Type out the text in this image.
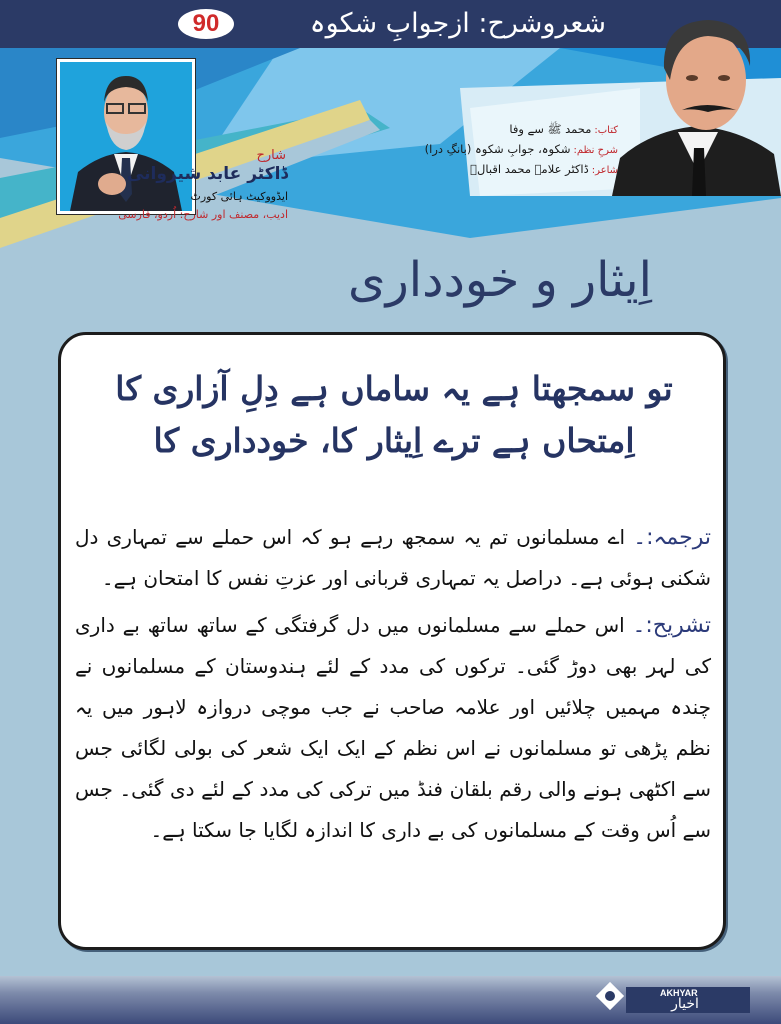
شعروشرح: ازجوابِ شکوہ
90
شارح
ڈاکٹر عابد شیروانی
ایڈووکیٹ ہائی کورٹ
ادیب، مصنف اور شارح: اُردو، فارسی
کتاب:محمد ﷺ سے وفا
شرحِ نظم:شکوہ، جوابِ شکوہ (بانگِ درا)
شاعر:ڈاکٹر علامہ محمد اقبالؒ
اِیثار و خودداری
تو سمجھتا ہے یہ ساماں ہے دِلِ آزاری کا
اِمتحاں ہے ترے اِیثار کا، خودداری کا

ترجمہ:۔ اے مسلمانوں تم یہ سمجھ رہے ہو کہ اس حملے سے تمہاری دل شکنی ہوئی ہے۔ دراصل یہ تمہاری قربانی اور عزتِ نفس کا امتحان ہے۔

تشریح:۔ اس حملے سے مسلمانوں میں دل گرفتگی کے ساتھ ساتھ بے داری کی لہر بھی دوڑ گئی۔ ترکوں کی مدد کے لئے ہندوستان کے مسلمانوں نے چندہ مہمیں چلائیں اور علامہ صاحب نے جب موچی دروازہ لاہور میں یہ نظم پڑھی تو مسلمانوں نے اس نظم کے ایک ایک شعر کی بولی لگائی جس سے اکٹھی ہونے والی رقم بلقان فنڈ میں ترکی کی مدد کے لئے دی گئی۔ جس سے اُس وقت کے مسلمانوں کی بے داری کا اندازہ لگایا جا سکتا ہے۔

AKHYAR
اخیار
